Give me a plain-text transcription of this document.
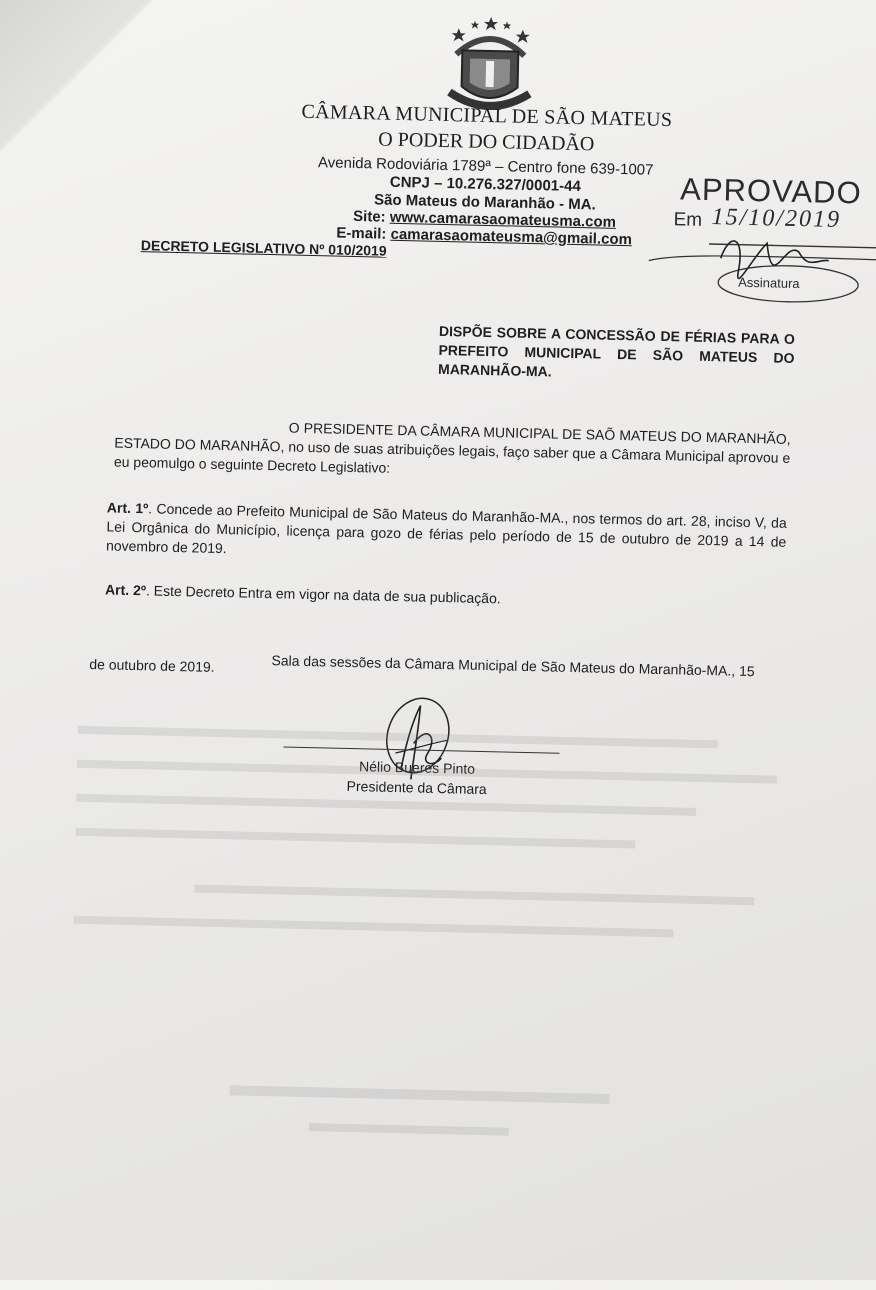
CÂMARA MUNICIPAL DE SÃO MATEUS
O PODER DO CIDADÃO
Avenida Rodoviária 1789ª – Centro fone 639-1007
CNPJ – 10.276.327/0001-44
São Mateus do Maranhão - MA.
Site: www.camarasaomateusma.com
E-mail: camarasaomateusma@gmail.com
DECRETO LEGISLATIVO Nº 010/2019
APROVADO
Em 15/10/2019
Assinatura
DISPÕE SOBRE A CONCESSÃO DE FÉRIAS PARA O PREFEITO MUNICIPAL DE SÃO MATEUS DO MARANHÃO-MA.
O PRESIDENTE DA CÂMARA MUNICIPAL DE SAÕ MATEUS DO MARANHÃO, ESTADO DO MARANHÃO, no uso de suas atribuições legais, faço saber que a Câmara Municipal aprovou e eu peomulgo o seguinte Decreto Legislativo:
Art. 1º. Concede ao Prefeito Municipal de São Mateus do Maranhão-MA., nos termos do art. 28, inciso V, da Lei Orgânica do Município, licença para gozo de férias pelo período de 15 de outubro de 2019 a 14 de novembro de 2019.
Art. 2º. Este Decreto Entra em vigor na data de sua publicação.
Sala das sessões da Câmara Municipal de São Mateus do Maranhão-MA., 15
de outubro de 2019.
Nélio Bueres Pinto
Presidente da Câmara
